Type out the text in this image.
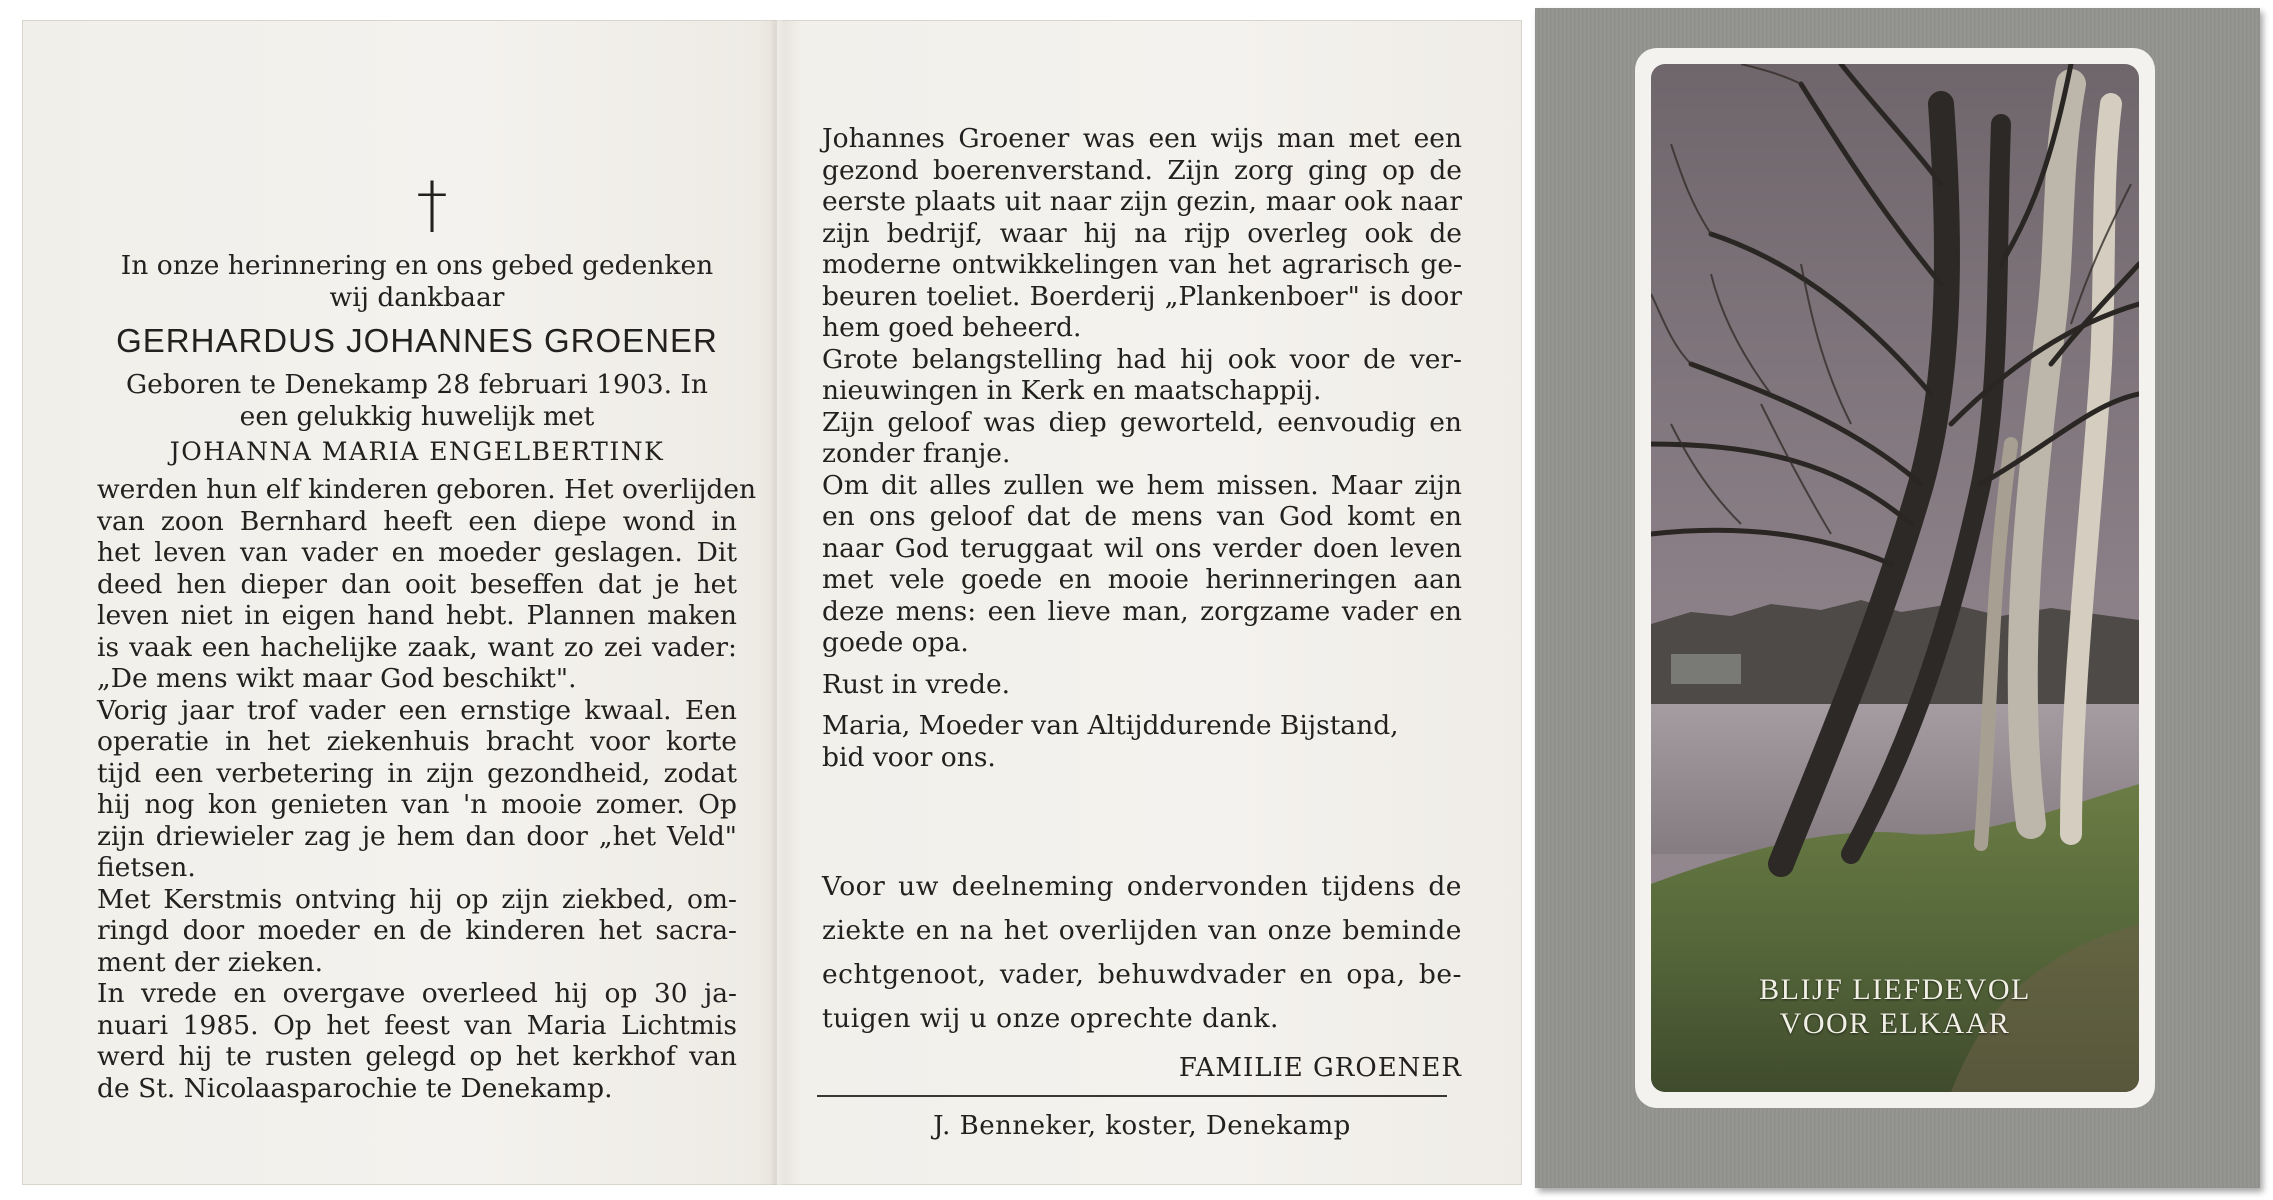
†

In onze herinnering en ons gebed gedenken wij dankbaar

GERHARDUS JOHANNES GROENER

Geboren te Denekamp 28 februari 1903. In een gelukkig huwelijk met

JOHANNA MARIA ENGELBERTINK
werden hun elf kinderen geboren. Het overlijden
van zoon Bernhard heeft een diepe wond in
het leven van vader en moeder geslagen. Dit
deed hen dieper dan ooit beseffen dat je het
leven niet in eigen hand hebt. Plannen maken
is vaak een hachelijke zaak, want zo zei vader:
„De mens wikt maar God beschikt".
Vorig jaar trof vader een ernstige kwaal. Een
operatie in het ziekenhuis bracht voor korte
tijd een verbetering in zijn gezondheid, zodat
hij nog kon genieten van 'n mooie zomer. Op
zijn driewieler zag je hem dan door „het Veld"
fietsen.
Met Kerstmis ontving hij op zijn ziekbed, om-
ringd door moeder en de kinderen het sacra-
ment der zieken.
In vrede en overgave overleed hij op 30 ja-
nuari 1985. Op het feest van Maria Lichtmis
werd hij te rusten gelegd op het kerkhof van
de St. Nicolaasparochie te Denekamp.
Johannes Groener was een wijs man met een
gezond boerenverstand. Zijn zorg ging op de
eerste plaats uit naar zijn gezin, maar ook naar
zijn bedrijf, waar hij na rijp overleg ook de
moderne ontwikkelingen van het agrarisch ge-
beuren toeliet. Boerderij „Plankenboer" is door
hem goed beheerd.
Grote belangstelling had hij ook voor de ver-
nieuwingen in Kerk en maatschappij.
Zijn geloof was diep geworteld, eenvoudig en
zonder franje.
Om dit alles zullen we hem missen. Maar zijn
en ons geloof dat de mens van God komt en
naar God teruggaat wil ons verder doen leven
met vele goede en mooie herinneringen aan
deze mens: een lieve man, zorgzame vader en
goede opa.

Rust in vrede.

Maria, Moeder van Altijddurende Bijstand,
bid voor ons.
Voor uw deelneming ondervonden tijdens de
ziekte en na het overlijden van onze beminde
echtgenoot, vader, behuwdvader en opa, be-
tuigen wij u onze oprechte dank.
FAMILIE GROENER
J. Benneker, koster, Denekamp
BLIJF LIEFDEVOL
VOOR ELKAAR
